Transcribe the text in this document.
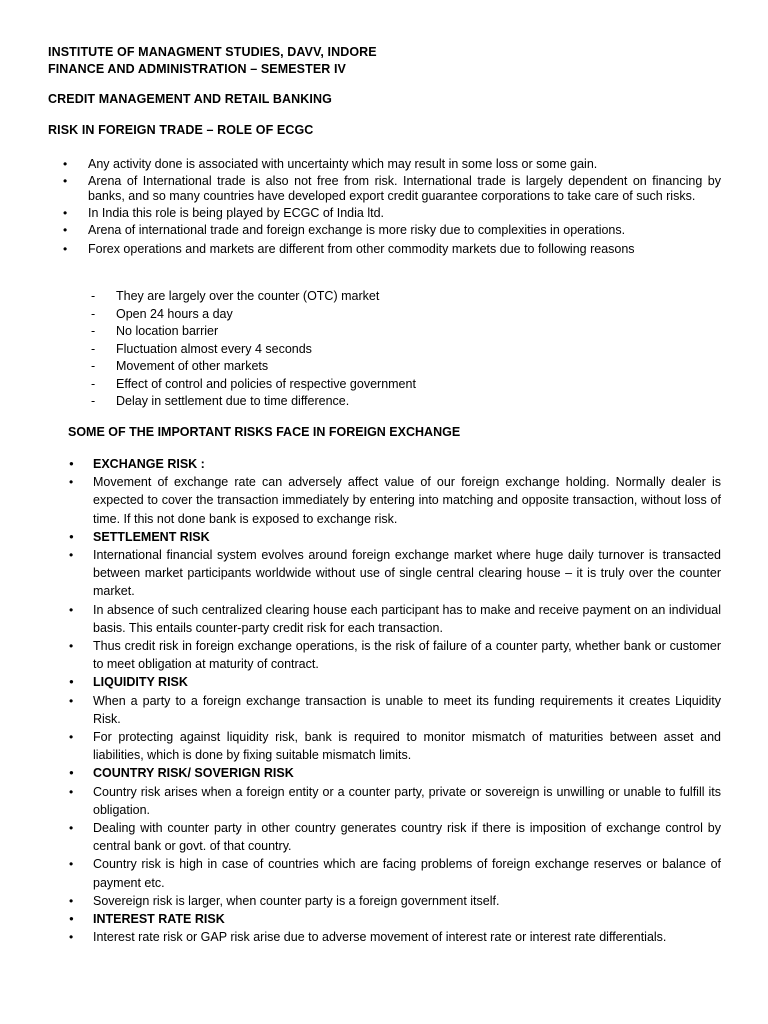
INSTITUTE OF MANAGMENT STUDIES, DAVV, INDORE
FINANCE AND ADMINISTRATION – SEMESTER IV
CREDIT MANAGEMENT AND RETAIL BANKING
RISK IN FOREIGN TRADE – ROLE OF ECGC
• Any activity done is associated with uncertainty which may result in some loss or some gain.
• Arena of International trade is also not free from risk. International trade is largely dependent on financing by banks, and so many countries have developed export credit guarantee corporations to take care of such risks.
• In India this role is being played by ECGC of India ltd.
• Arena of international trade and foreign exchange is more risky due to complexities in operations.
• Forex operations and markets are different from other commodity markets due to following reasons
- They are largely over the counter (OTC) market
- Open 24 hours a day
- No location barrier
- Fluctuation almost every 4 seconds
- Movement of other markets
- Effect of control and policies of respective government
- Delay in settlement due to time difference.
SOME OF THE IMPORTANT RISKS FACE IN FOREIGN EXCHANGE
● EXCHANGE RISK :
• Movement of exchange rate can adversely affect value of our foreign exchange holding. Normally dealer is expected to cover the transaction immediately by entering into matching and opposite transaction, without loss of time. If this not done bank is exposed to exchange risk.
● SETTLEMENT RISK
• International financial system evolves around foreign exchange market where huge daily turnover is transacted between market participants worldwide without use of single central clearing house – it is truly over the counter market.
• In absence of such centralized clearing house each participant has to make and receive payment on an individual basis. This entails counter-party credit risk for each transaction.
• Thus credit risk in foreign exchange operations, is the risk of failure of a counter party, whether bank or customer to meet obligation at maturity of contract.
● LIQUIDITY RISK
• When a party to a foreign exchange transaction is unable to meet its funding requirements it creates Liquidity Risk.
• For protecting against liquidity risk, bank is required to monitor mismatch of maturities between asset and liabilities, which is done by fixing suitable mismatch limits.
● COUNTRY RISK/ SOVERIGN RISK
• Country risk arises when a foreign entity or a counter party, private or sovereign is unwilling or unable to fulfill its obligation.
• Dealing with counter party in other country generates country risk if there is imposition of exchange control by central bank or govt. of that country.
• Country risk is high in case of countries which are facing problems of foreign exchange reserves or balance of payment etc.
• Sovereign risk is larger, when counter party is a foreign government itself.
● INTEREST RATE RISK
• Interest rate risk or GAP risk arise due to adverse movement of interest rate or interest rate differentials.
